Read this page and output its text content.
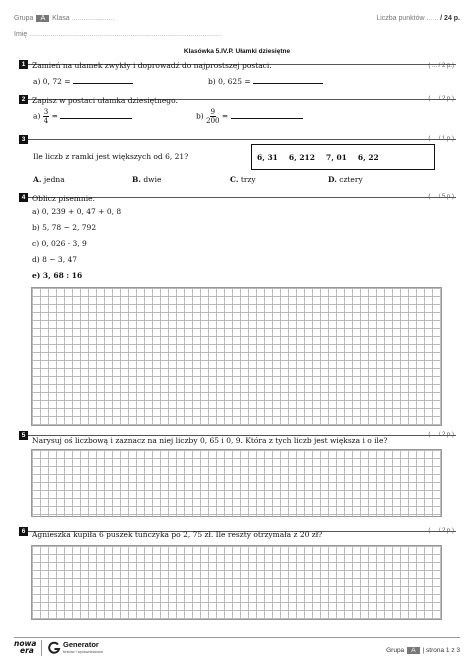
Grupa A Klasa ......................	Liczba punktów ...... / 24 p.
Imię ...................................................................................................
Klasówka 5.IV.P. Ułamki dziesiętne
1 Zamień na ułamek zwykły i doprowadź do najprostszej postaci.	( ... / 2 p.)
a) 0, 72 =	b) 0, 625 =
2 Zapisz w postaci ułamka dziesiętnego.	( ... / 2 p.)
$a) \frac{3}{4}$ =	$b) \frac{9}{200}$ =
3	( ... / 1 p.)
Ile liczb z ramki jest większych od 6, 21?	6, 31 6, 212 7, 01 6, 22
A. jedna	B. dwie	C. trzy	D. cztery
4	( ... / 5 p.)
Oblicz pisemnie.
a) 0, 239 + 0, 47 + 0, 8
b) 5, 78 − 2, 792
c) 0, 026 · 3, 9
d) 8 − 3, 47
e) 3, 68 : 16
5	( ... / 2 p.)
Narysuj oś liczbową i zaznacz na niej liczby 0, 65 i 0, 9. Która z tych liczb jest większa i o ile?
6	( ... / 2 p.)
Agnieszka kupiła 6 puszek tuńczyka po 2, 75 zł. Ile reszty otrzymała z 20 zł?
nowa
era
Generator
testów i sprawdzianów	Grupa A | strona 1 z 3
